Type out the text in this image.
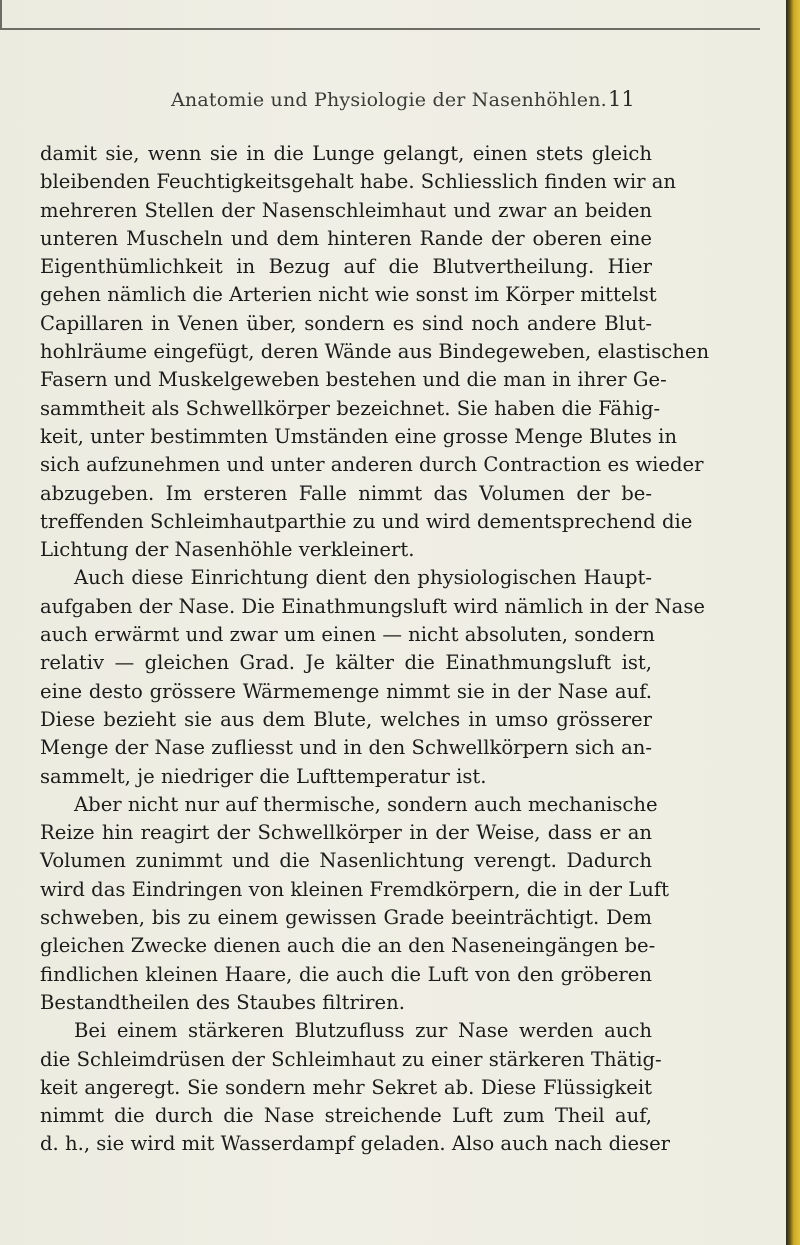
Anatomie und Physiologie der Nasenhöhlen. 11
damit sie, wenn sie in die Lunge gelangt, einen stets gleich
bleibenden Feuchtigkeitsgehalt habe. Schliesslich finden wir an
mehreren Stellen der Nasenschleimhaut und zwar an beiden
unteren Muscheln und dem hinteren Rande der oberen eine
Eigenthümlichkeit in Bezug auf die Blutvertheilung. Hier
gehen nämlich die Arterien nicht wie sonst im Körper mittelst
Capillaren in Venen über, sondern es sind noch andere Blut-
hohlräume eingefügt, deren Wände aus Bindegeweben, elastischen
Fasern und Muskelgeweben bestehen und die man in ihrer Ge-
sammtheit als Schwellkörper bezeichnet. Sie haben die Fähig-
keit, unter bestimmten Umständen eine grosse Menge Blutes in
sich aufzunehmen und unter anderen durch Contraction es wieder
abzugeben. Im ersteren Falle nimmt das Volumen der be-
treffenden Schleimhautparthie zu und wird dementsprechend die
Lichtung der Nasenhöhle verkleinert.
Auch diese Einrichtung dient den physiologischen Haupt-
aufgaben der Nase. Die Einathmungsluft wird nämlich in der Nase
auch erwärmt und zwar um einen — nicht absoluten, sondern
relativ — gleichen Grad. Je kälter die Einathmungsluft ist,
eine desto grössere Wärmemenge nimmt sie in der Nase auf.
Diese bezieht sie aus dem Blute, welches in umso grösserer
Menge der Nase zufliesst und in den Schwellkörpern sich an-
sammelt, je niedriger die Lufttemperatur ist.
Aber nicht nur auf thermische, sondern auch mechanische
Reize hin reagirt der Schwellkörper in der Weise, dass er an
Volumen zunimmt und die Nasenlichtung verengt. Dadurch
wird das Eindringen von kleinen Fremdkörpern, die in der Luft
schweben, bis zu einem gewissen Grade beeinträchtigt. Dem
gleichen Zwecke dienen auch die an den Naseneingängen be-
findlichen kleinen Haare, die auch die Luft von den gröberen
Bestandtheilen des Staubes filtriren.
Bei einem stärkeren Blutzufluss zur Nase werden auch
die Schleimdrüsen der Schleimhaut zu einer stärkeren Thätig-
keit angeregt. Sie sondern mehr Sekret ab. Diese Flüssigkeit
nimmt die durch die Nase streichende Luft zum Theil auf,
d. h., sie wird mit Wasserdampf geladen. Also auch nach dieser
